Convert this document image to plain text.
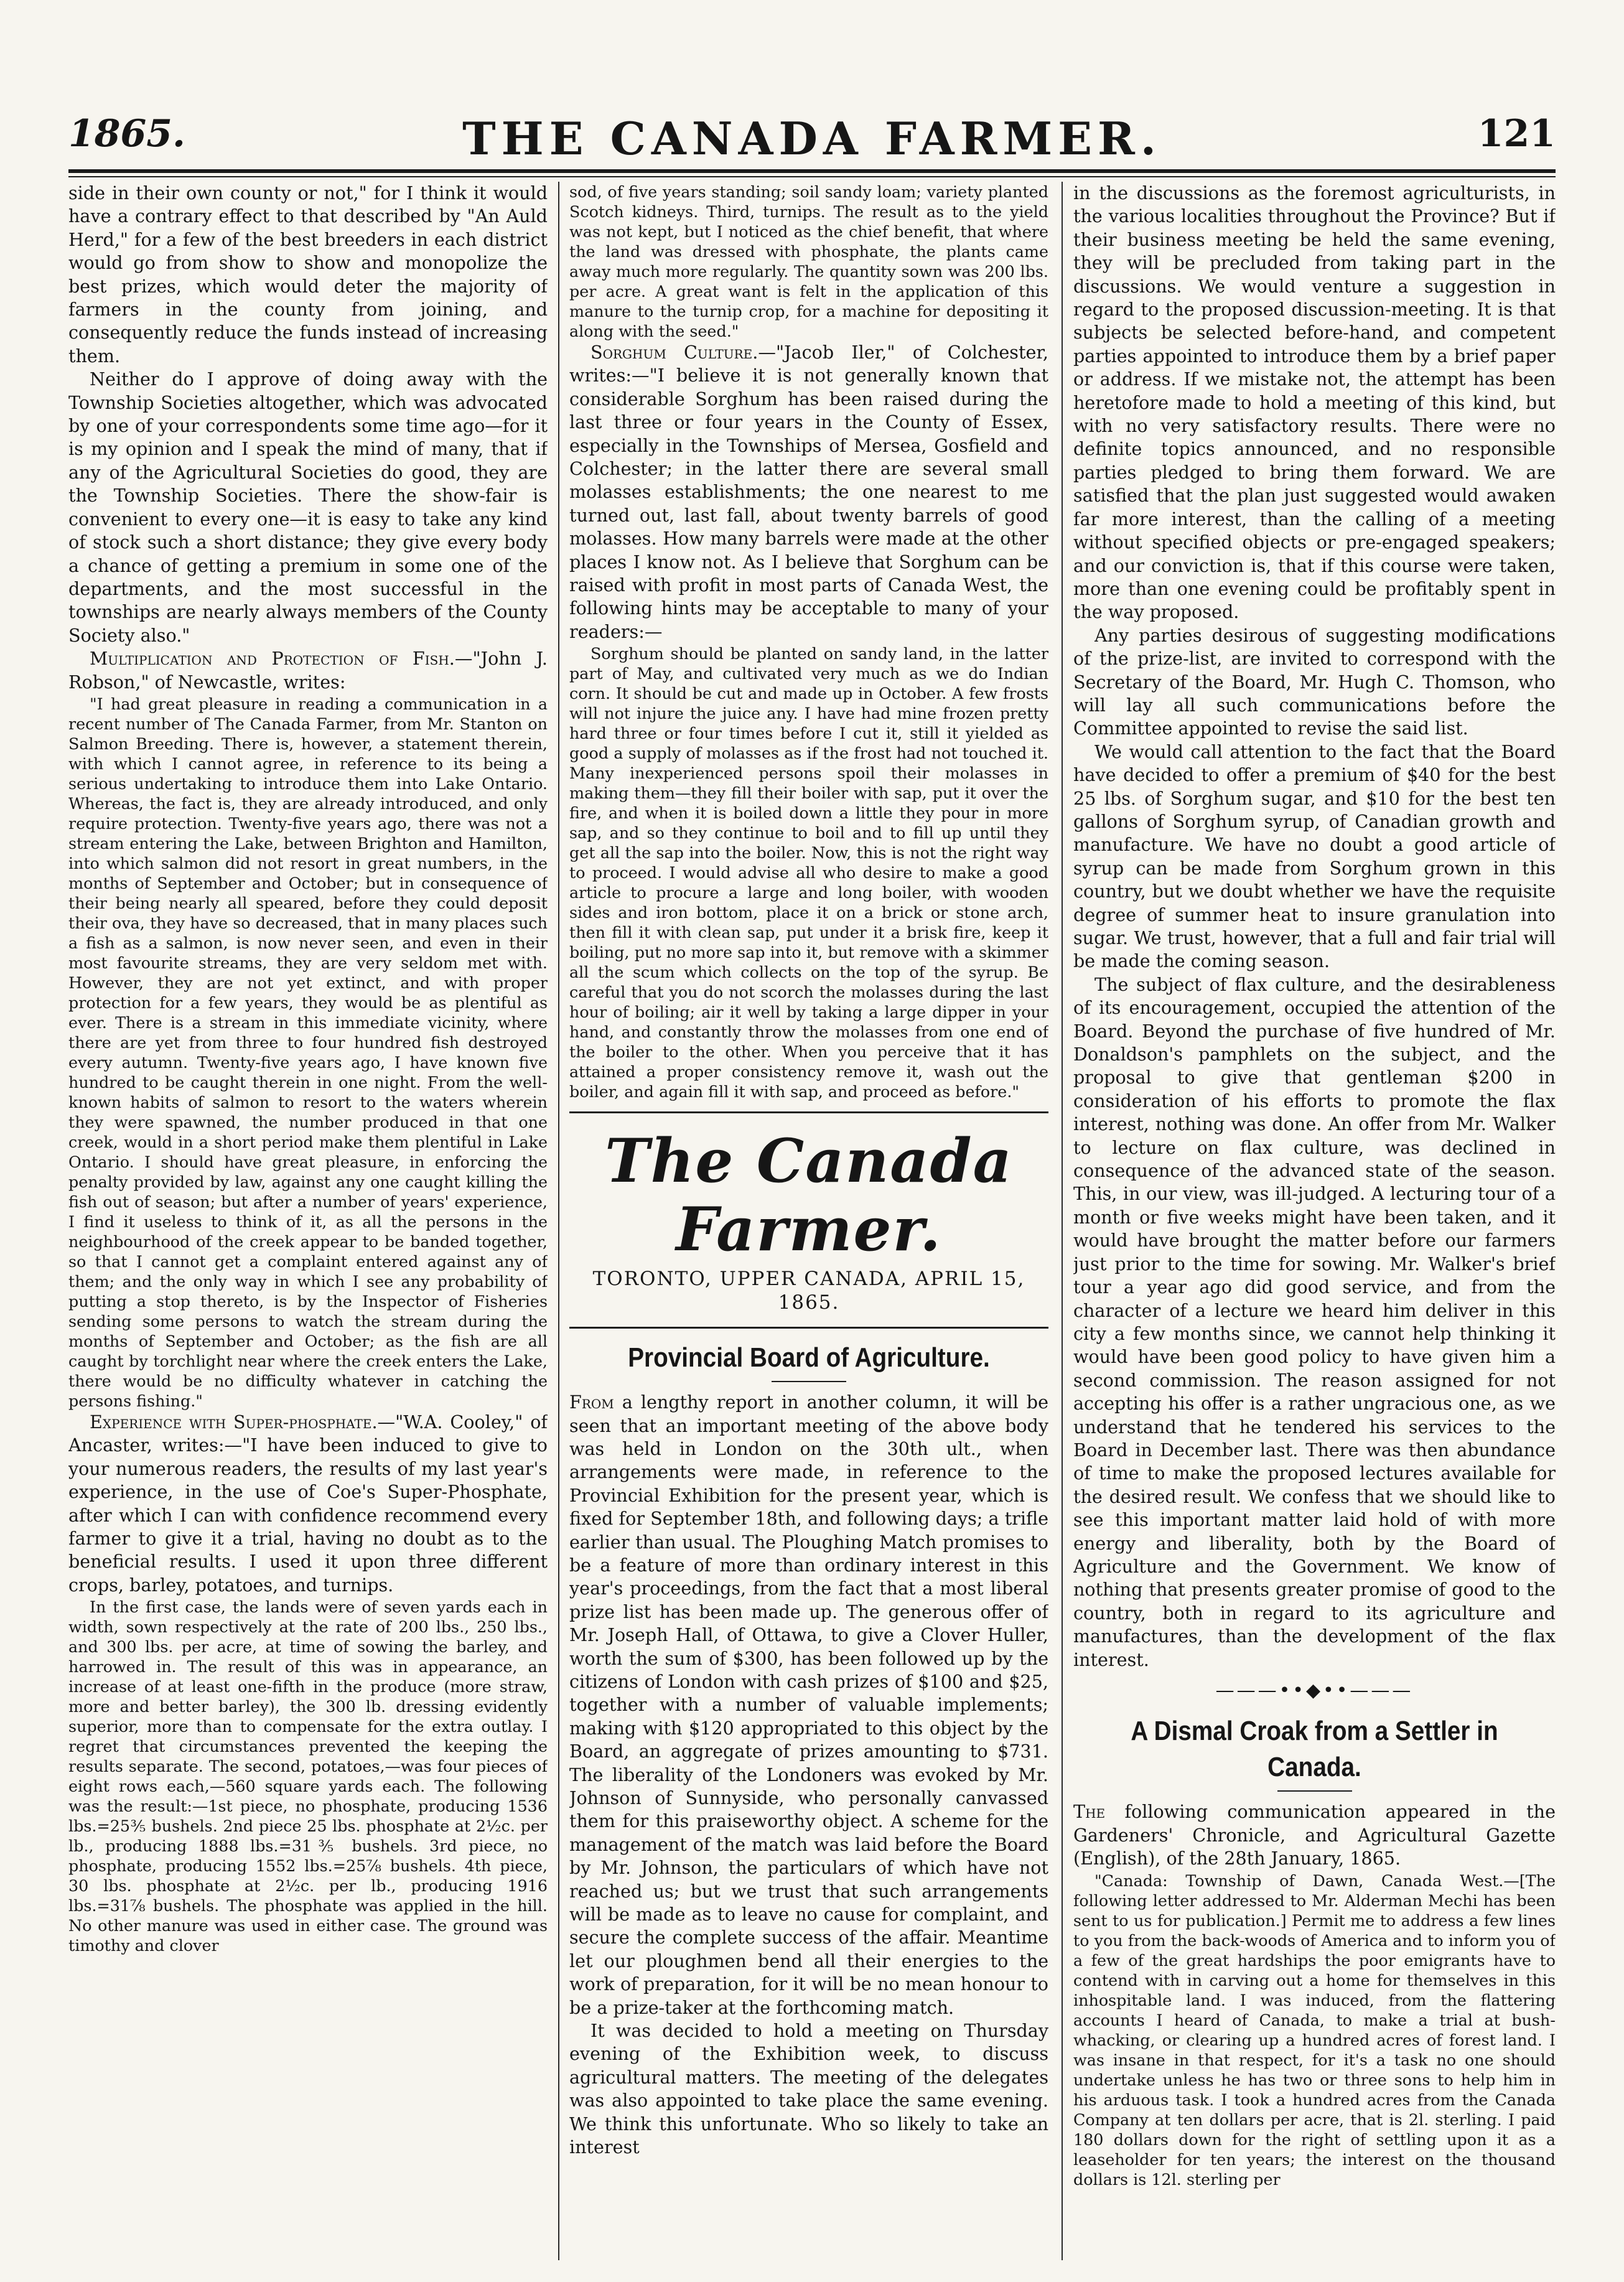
1865.	THE CANADA FARMER.	121

side in their own county or not," for I think it would have a contrary effect to that described by "An Auld Herd," for a few of the best breeders in each district would go from show to show and monopolize the best prizes, which would deter the majority of farmers in the county from joining, and consequently reduce the funds instead of increasing them.

Neither do I approve of doing away with the Township Societies altogether, which was advocated by one of your correspondents some time ago—for it is my opinion and I speak the mind of many, that if any of the Agricultural Societies do good, they are the Township Societies. There the show-fair is convenient to every one—it is easy to take any kind of stock such a short distance; they give every body a chance of getting a premium in some one of the departments, and the most successful in the townships are nearly always members of the County Society also."

Multiplication and Protection of Fish.—"John J. Robson," of Newcastle, writes:

"I had great pleasure in reading a communication in a recent number of The Canada Farmer, from Mr. Stanton on Salmon Breeding. There is, however, a statement therein, with which I cannot agree, in reference to its being a serious undertaking to introduce them into Lake Ontario. Whereas, the fact is, they are already introduced, and only require protection. Twenty-five years ago, there was not a stream entering the Lake, between Brighton and Hamilton, into which salmon did not resort in great numbers, in the months of September and October; but in consequence of their being nearly all speared, before they could deposit their ova, they have so decreased, that in many places such a fish as a salmon, is now never seen, and even in their most favourite streams, they are very seldom met with. However, they are not yet extinct, and with proper protection for a few years, they would be as plentiful as ever. There is a stream in this immediate vicinity, where there are yet from three to four hundred fish destroyed every autumn. Twenty-five years ago, I have known five hundred to be caught therein in one night. From the well-known habits of salmon to resort to the waters wherein they were spawned, the number produced in that one creek, would in a short period make them plentiful in Lake Ontario. I should have great pleasure, in enforcing the penalty provided by law, against any one caught killing the fish out of season; but after a number of years' experience, I find it useless to think of it, as all the persons in the neighbourhood of the creek appear to be banded together, so that I cannot get a complaint entered against any of them; and the only way in which I see any probability of putting a stop thereto, is by the Inspector of Fisheries sending some persons to watch the stream during the months of September and October; as the fish are all caught by torchlight near where the creek enters the Lake, there would be no difficulty whatever in catching the persons fishing."

Experience with Super-phosphate.—"W.A. Cooley," of Ancaster, writes:—"I have been induced to give to your numerous readers, the results of my last year's experience, in the use of Coe's Super-Phosphate, after which I can with confidence recommend every farmer to give it a trial, having no doubt as to the beneficial results. I used it upon three different crops, barley, potatoes, and turnips.

In the first case, the lands were of seven yards each in width, sown respectively at the rate of 200 lbs., 250 lbs., and 300 lbs. per acre, at time of sowing the barley, and harrowed in. The result of this was in appearance, an increase of at least one-fifth in the produce (more straw, more and better barley), the 300 lb. dressing evidently superior, more than to compensate for the extra outlay. I regret that circumstances prevented the keeping the results separate. The second, potatoes,—was four pieces of eight rows each,—560 square yards each. The following was the result:—1st piece, no phosphate, producing 1536 lbs.=25⅗ bushels. 2nd piece 25 lbs. phosphate at 2½c. per lb., producing 1888 lbs.=31⅗ bushels. 3rd piece, no phosphate, producing 1552 lbs.=25⅞ bushels. 4th piece, 30 lbs. phosphate at 2½c. per lb., producing 1916 lbs.=31⅞ bushels. The phosphate was applied in the hill. No other manure was used in either case. The ground was timothy and clover

sod, of five years standing; soil sandy loam; variety planted Scotch kidneys. Third, turnips. The result as to the yield was not kept, but I noticed as the chief benefit, that where the land was dressed with phosphate, the plants came away much more regularly. The quantity sown was 200 lbs. per acre. A great want is felt in the application of this manure to the turnip crop, for a machine for depositing it along with the seed."

Sorghum Culture.—"Jacob Iler," of Colchester, writes:—"I believe it is not generally known that considerable Sorghum has been raised during the last three or four years in the County of Essex, especially in the Townships of Mersea, Gosfield and Colchester; in the latter there are several small molasses establishments; the one nearest to me turned out, last fall, about twenty barrels of good molasses. How many barrels were made at the other places I know not. As I believe that Sorghum can be raised with profit in most parts of Canada West, the following hints may be acceptable to many of your readers:—

Sorghum should be planted on sandy land, in the latter part of May, and cultivated very much as we do Indian corn. It should be cut and made up in October. A few frosts will not injure the juice any. I have had mine frozen pretty hard three or four times before I cut it, still it yielded as good a supply of molasses as if the frost had not touched it. Many inexperienced persons spoil their molasses in making them—they fill their boiler with sap, put it over the fire, and when it is boiled down a little they pour in more sap, and so they continue to boil and to fill up until they get all the sap into the boiler. Now, this is not the right way to proceed. I would advise all who desire to make a good article to procure a large and long boiler, with wooden sides and iron bottom, place it on a brick or stone arch, then fill it with clean sap, put under it a brisk fire, keep it boiling, put no more sap into it, but remove with a skimmer all the scum which collects on the top of the syrup. Be careful that you do not scorch the molasses during the last hour of boiling; air it well by taking a large dipper in your hand, and constantly throw the molasses from one end of the boiler to the other. When you perceive that it has attained a proper consistency remove it, wash out the boiler, and again fill it with sap, and proceed as before."

The Canada Farmer.
TORONTO, UPPER CANADA, APRIL 15, 1865.
Provincial Board of Agriculture.

From a lengthy report in another column, it will be seen that an important meeting of the above body was held in London on the 30th ult., when arrangements were made, in reference to the Provincial Exhibition for the present year, which is fixed for September 18th, and following days; a trifle earlier than usual. The Ploughing Match promises to be a feature of more than ordinary interest in this year's proceedings, from the fact that a most liberal prize list has been made up. The generous offer of Mr. Joseph Hall, of Ottawa, to give a Clover Huller, worth the sum of $300, has been followed up by the citizens of London with cash prizes of $100 and $25, together with a number of valuable implements; making with $120 appropriated to this object by the Board, an aggregate of prizes amounting to $731. The liberality of the Londoners was evoked by Mr. Johnson of Sunnyside, who personally canvassed them for this praiseworthy object. A scheme for the management of the match was laid before the Board by Mr. Johnson, the particulars of which have not reached us; but we trust that such arrangements will be made as to leave no cause for complaint, and secure the complete success of the affair. Meantime let our ploughmen bend all their energies to the work of preparation, for it will be no mean honour to be a prize-taker at the forthcoming match.

It was decided to hold a meeting on Thursday evening of the Exhibition week, to discuss agricultural matters. The meeting of the delegates was also appointed to take place the same evening. We think this unfortunate. Who so likely to take an interest

in the discussions as the foremost agriculturists, in the various localities throughout the Province? But if their business meeting be held the same evening, they will be precluded from taking part in the discussions. We would venture a suggestion in regard to the proposed discussion-meeting. It is that subjects be selected before-hand, and competent parties appointed to introduce them by a brief paper or address. If we mistake not, the attempt has been heretofore made to hold a meeting of this kind, but with no very satisfactory results. There were no definite topics announced, and no responsible parties pledged to bring them forward. We are satisfied that the plan just suggested would awaken far more interest, than the calling of a meeting without specified objects or pre-engaged speakers; and our conviction is, that if this course were taken, more than one evening could be profitably spent in the way proposed.

Any parties desirous of suggesting modifications of the prize-list, are invited to correspond with the Secretary of the Board, Mr. Hugh C. Thomson, who will lay all such communications before the Committee appointed to revise the said list.

We would call attention to the fact that the Board have decided to offer a premium of $40 for the best 25 lbs. of Sorghum sugar, and $10 for the best ten gallons of Sorghum syrup, of Canadian growth and manufacture. We have no doubt a good article of syrup can be made from Sorghum grown in this country, but we doubt whether we have the requisite degree of summer heat to insure granulation into sugar. We trust, however, that a full and fair trial will be made the coming season.

The subject of flax culture, and the desirableness of its encouragement, occupied the attention of the Board. Beyond the purchase of five hundred of Mr. Donaldson's pamphlets on the subject, and the proposal to give that gentleman $200 in consideration of his efforts to promote the flax interest, nothing was done. An offer from Mr. Walker to lecture on flax culture, was declined in consequence of the advanced state of the season. This, in our view, was ill-judged. A lecturing tour of a month or five weeks might have been taken, and it would have brought the matter before our farmers just prior to the time for sowing. Mr. Walker's brief tour a year ago did good service, and from the character of a lecture we heard him deliver in this city a few months since, we cannot help thinking it would have been good policy to have given him a second commission. The reason assigned for not accepting his offer is a rather ungracious one, as we understand that he tendered his services to the Board in December last. There was then abundance of time to make the proposed lectures available for the desired result. We confess that we should like to see this important matter laid hold of with more energy and liberality, both by the Board of Agriculture and the Government. We know of nothing that presents greater promise of good to the country, both in regard to its agriculture and manufactures, than the development of the flax interest.

———••◆••———
A Dismal Croak from a Settler in Canada.

The following communication appeared in the Gardeners' Chronicle, and Agricultural Gazette (English), of the 28th January, 1865.

"Canada: Township of Dawn, Canada West.—[The following letter addressed to Mr. Alderman Mechi has been sent to us for publication.] Permit me to address a few lines to you from the back-woods of America and to inform you of a few of the great hardships the poor emigrants have to contend with in carving out a home for themselves in this inhospitable land. I was induced, from the flattering accounts I heard of Canada, to make a trial at bush-whacking, or clearing up a hundred acres of forest land. I was insane in that respect, for it's a task no one should undertake unless he has two or three sons to help him in his arduous task. I took a hundred acres from the Canada Company at ten dollars per acre, that is 2l. sterling. I paid 180 dollars down for the right of settling upon it as a leaseholder for ten years; the interest on the thousand dollars is 12l. sterling per
